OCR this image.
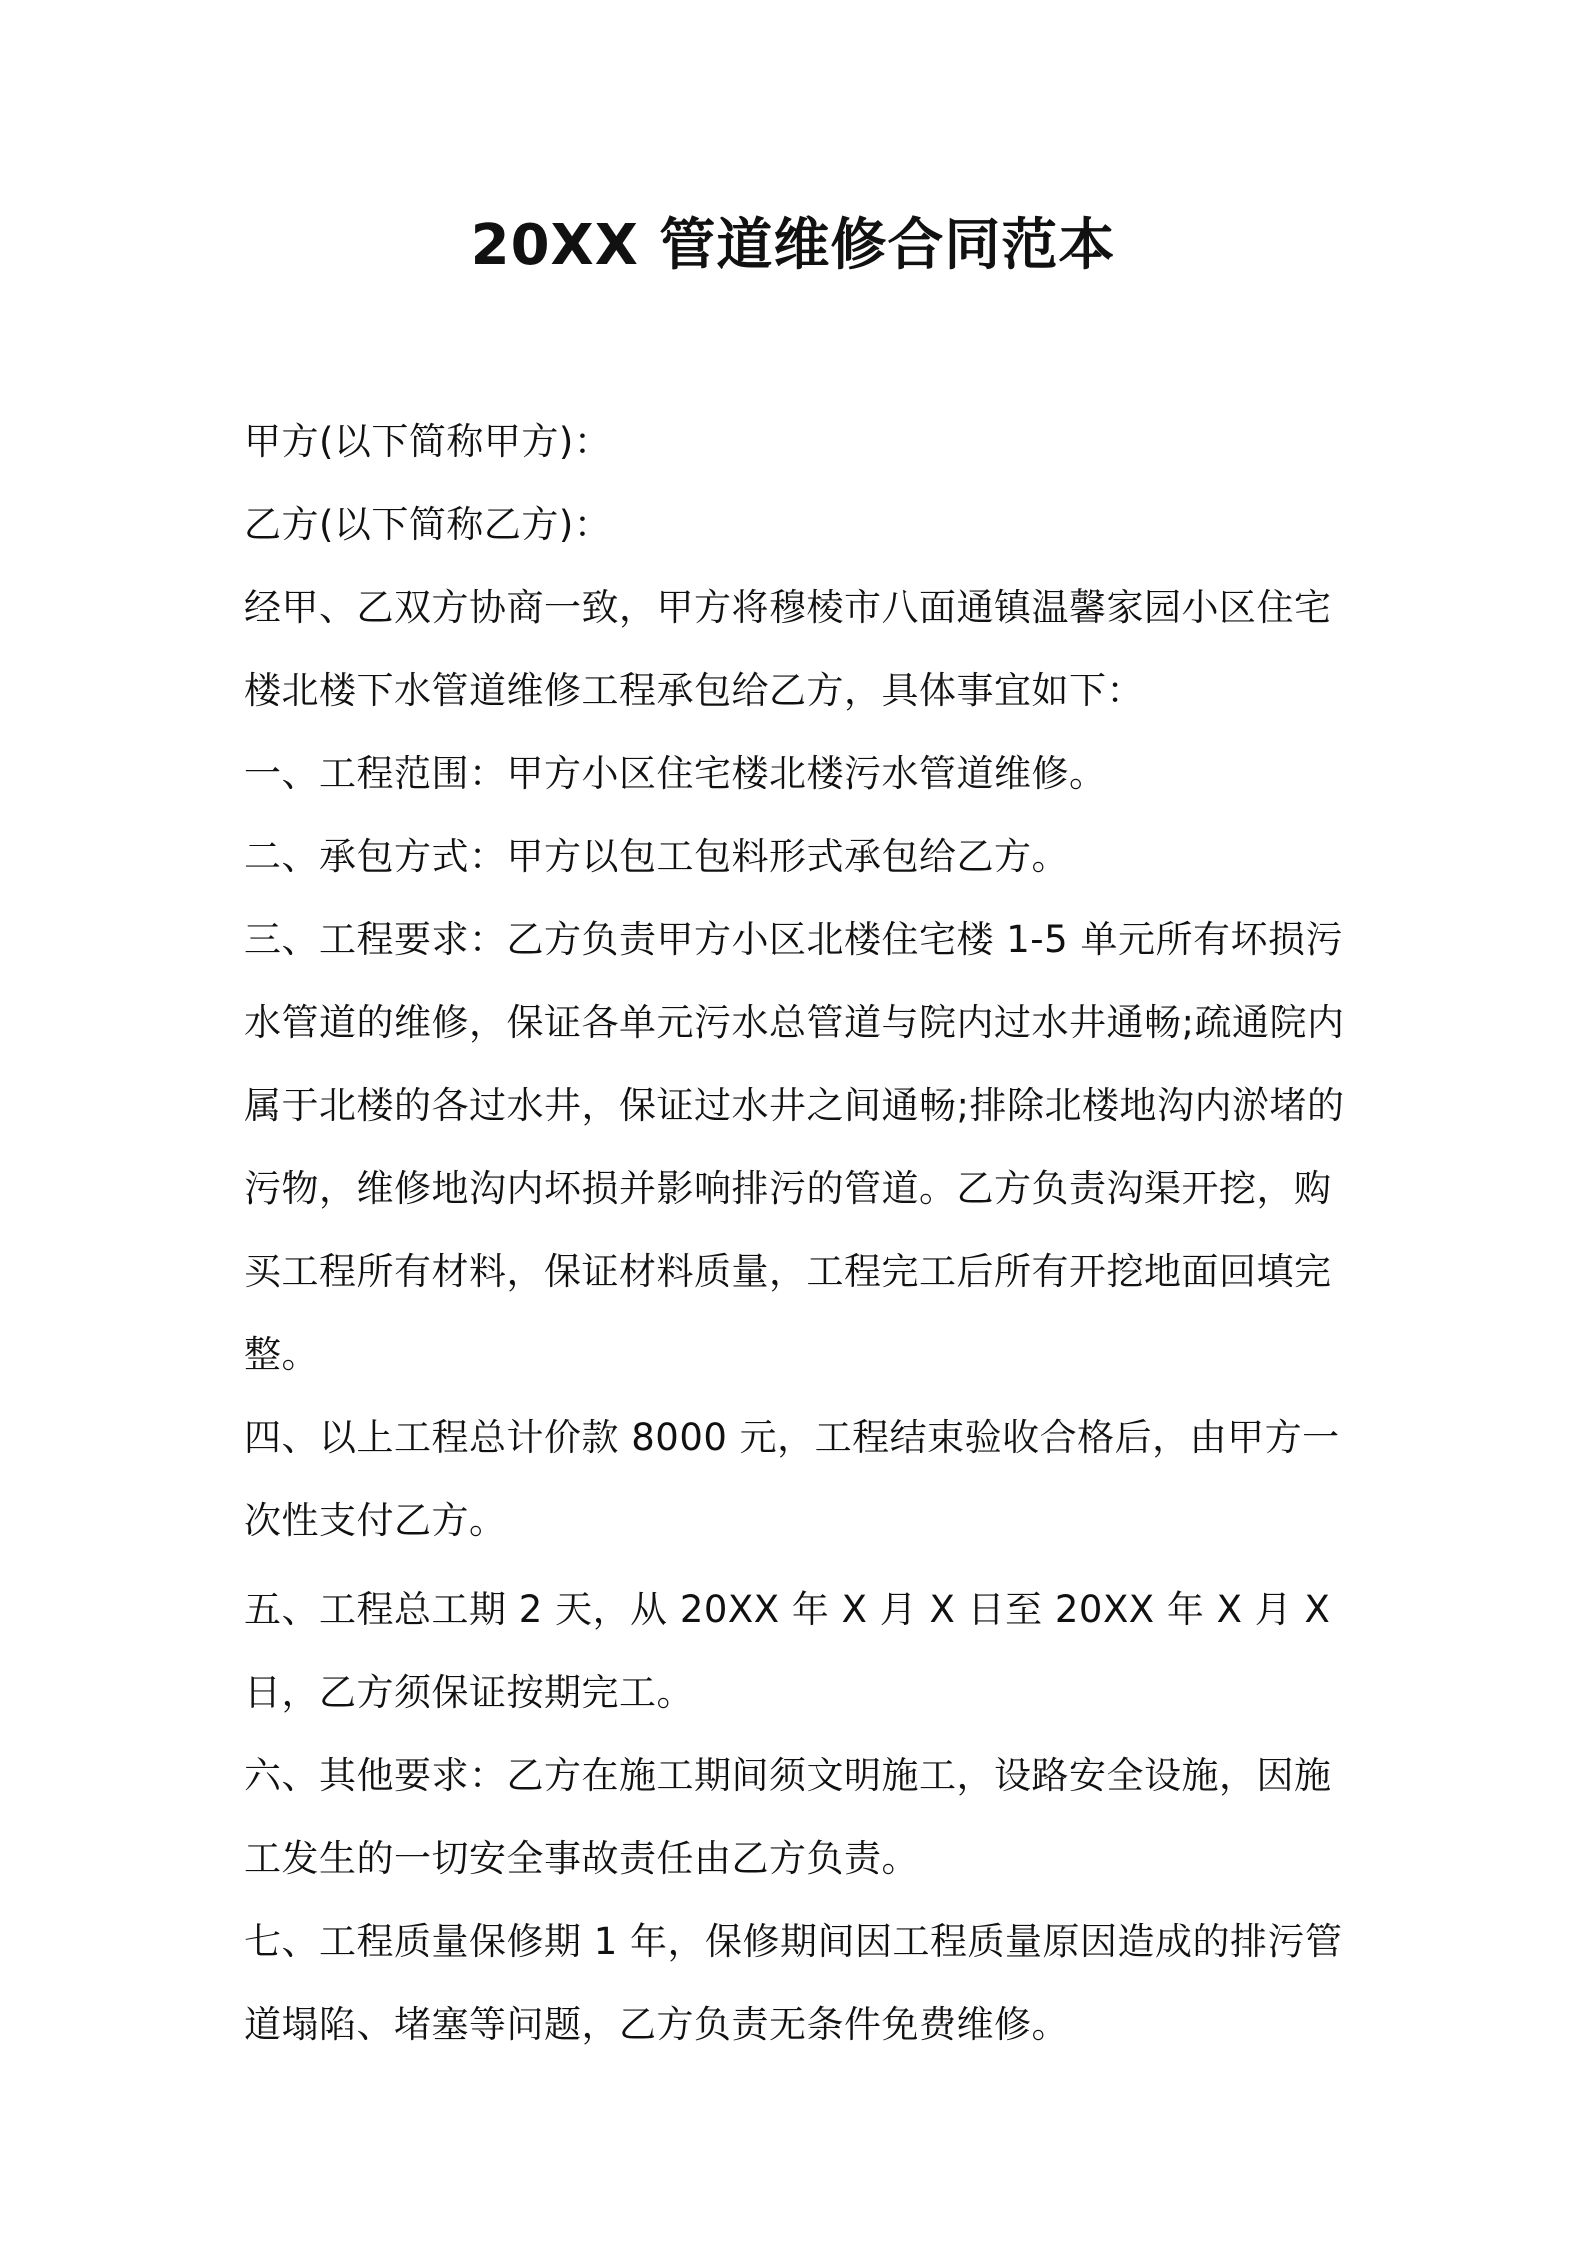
20XX 管道维修合同范本

甲方(以下简称甲方)：

乙方(以下简称乙方)：

经甲、乙双方协商一致，甲方将穆棱市八面通镇温馨家园小区住宅楼北楼下水管道维修工程承包给乙方，具体事宜如下：

一、工程范围：甲方小区住宅楼北楼污水管道维修。

二、承包方式：甲方以包工包料形式承包给乙方。

三、工程要求：乙方负责甲方小区北楼住宅楼 1-5 单元所有坏损污水管道的维修，保证各单元污水总管道与院内过水井通畅;疏通院内属于北楼的各过水井，保证过水井之间通畅;排除北楼地沟内淤堵的污物，维修地沟内坏损并影响排污的管道。乙方负责沟渠开挖，购买工程所有材料，保证材料质量，工程完工后所有开挖地面回填完整。

四、以上工程总计价款 8000 元，工程结束验收合格后，由甲方一次性支付乙方。

五、工程总工期 2 天，从 20XX 年 X 月 X 日至 20XX 年 X 月 X 日，乙方须保证按期完工。

六、其他要求：乙方在施工期间须文明施工，设路安全设施，因施工发生的一切安全事故责任由乙方负责。

七、工程质量保修期 1 年，保修期间因工程质量原因造成的排污管道塌陷、堵塞等问题，乙方负责无条件免费维修。
